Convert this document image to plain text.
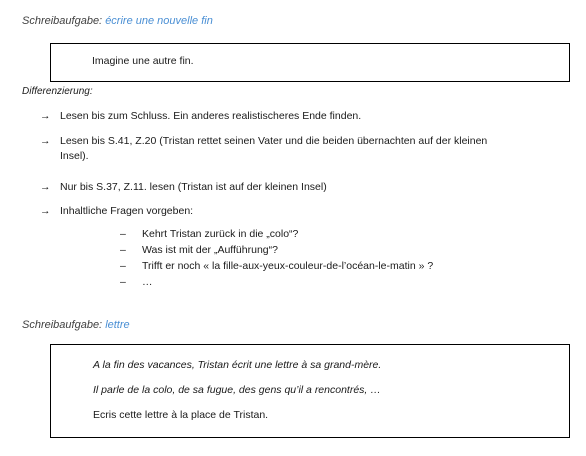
Schreibaufgabe: écrire une nouvelle fin
Imagine une autre fin.
Differenzierung:
→ Lesen bis zum Schluss. Ein anderes realistischeres Ende finden.
→ Lesen bis S.41, Z.20 (Tristan rettet seinen Vater und die beiden übernachten auf der kleinen
Insel).
→ Nur bis S.37, Z.11. lesen (Tristan ist auf der kleinen Insel)
→ Inhaltliche Fragen vorgeben:
– Kehrt Tristan zurück in die „colo“?
– Was ist mit der „Aufführung“?
– Trifft er noch « la fille-aux-yeux-couleur-de-l’océan-le-matin » ?
– …
Schreibaufgabe: lettre
A la fin des vacances, Tristan écrit une lettre à sa grand-mère.
Il parle de la colo, de sa fugue, des gens qu’il a rencontrés, …
Ecris cette lettre à la place de Tristan.
